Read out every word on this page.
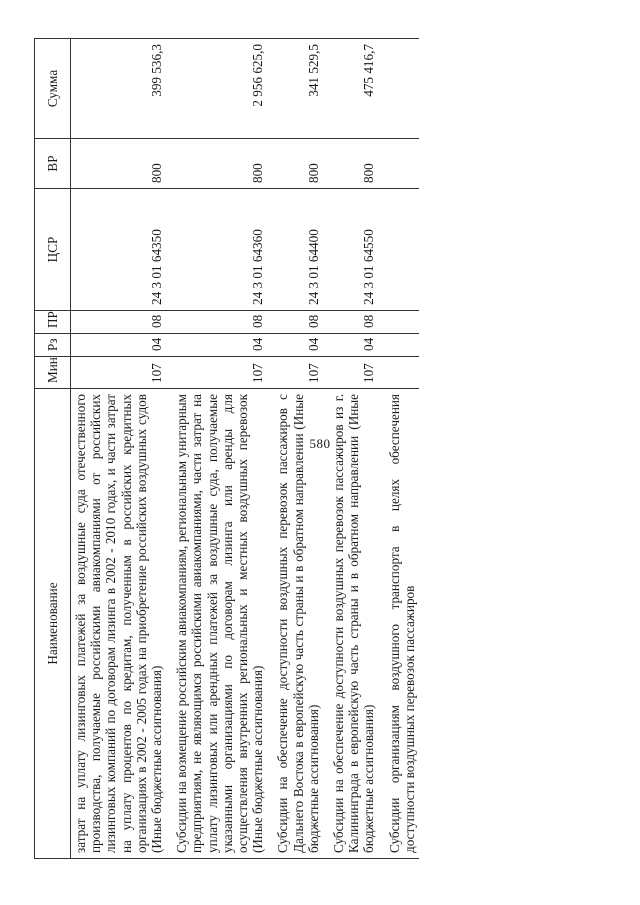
580
Наименование	Мин	Рз	ПР	ЦСР	ВР	Сумма
затрат на уплату лизинговых платежей за воздушные суда отечественного производства, получаемые российскими авиакомпаниями от российских лизинговых компаний по договорам лизинга в 2002 - 2010 годах, и части затрат на уплату процентов по кредитам, полученным в российских кредитных организациях в 2002 - 2005 годах на приобретение российских воздушных судов (Иные бюджетные ассигнования)	107	04	08	24 3 01 64350	800	399 536,3

Субсидии на возмещение российским авиакомпаниям, региональным унитарным предприятиям, не являющимся российскими авиакомпаниями, части затрат на уплату лизинговых или арендных платежей за воздушные суда, получаемые указанными организациями по договорам лизинга или аренды для осуществления внутренних региональных и местных воздушных перевозок (Иные бюджетные ассигнования)	107	04	08	24 3 01 64360	800	2 956 625,0

Субсидии на обеспечение доступности воздушных перевозок пассажиров с Дальнего Востока в европейскую часть страны и в обратном направлении (Иные бюджетные ассигнования)	107	04	08	24 3 01 64400	800	341 529,5

Субсидии на обеспечение доступности воздушных перевозок пассажиров из г. Калининграда в европейскую часть страны и в обратном направлении (Иные бюджетные ассигнования)	107	04	08	24 3 01 64550	800	475 416,7

Субсидии организациям воздушного транспорта в целях обеспечения доступности воздушных перевозок пассажиров						
